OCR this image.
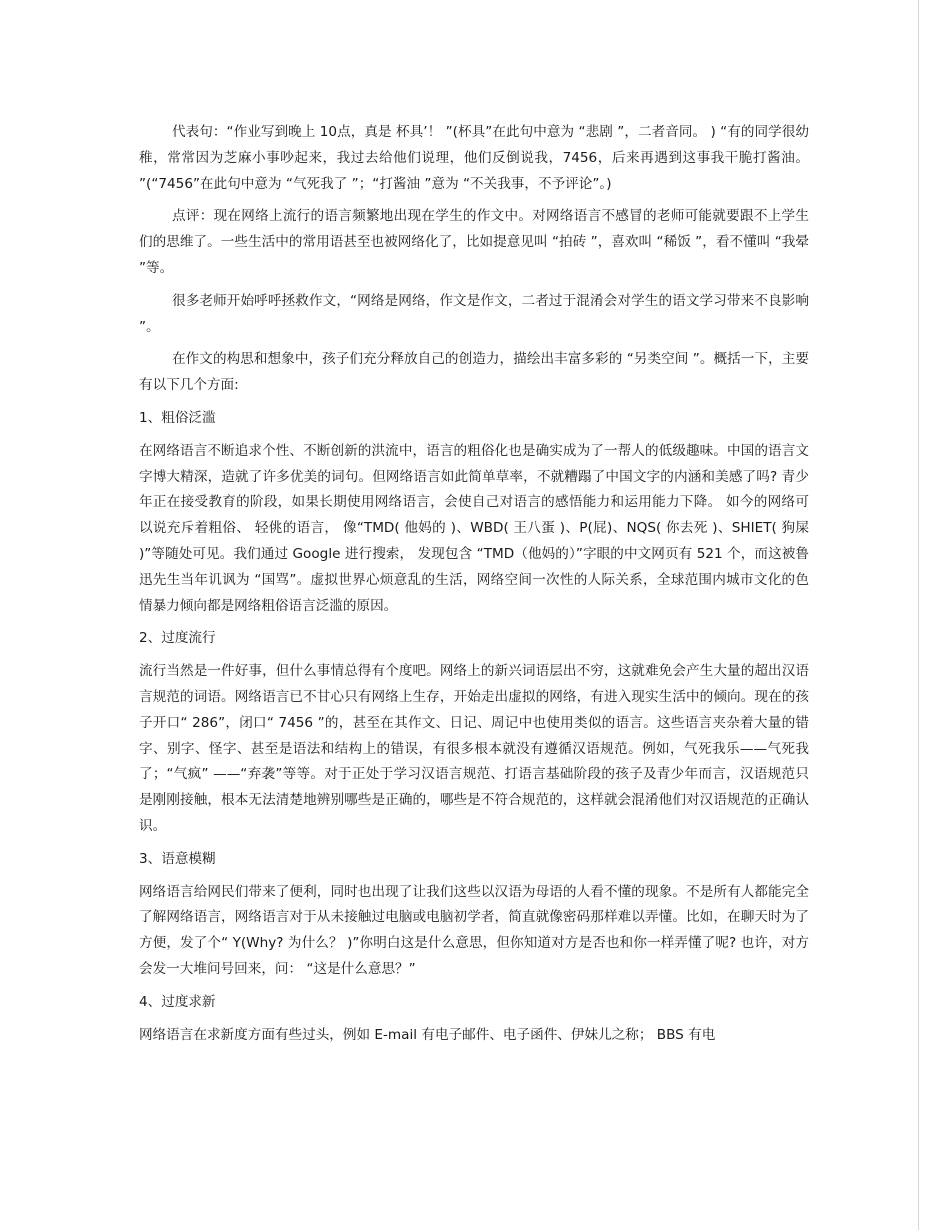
代表句：“作业写到晚上 10点，真是 杯具’！ ”(杯具”在此句中意为 “悲剧 ”，二者音同。 ) “有的同学很幼稚，常常因为芝麻小事吵起来，我过去给他们说理，他们反倒说我，7456，后来再遇到这事我干脆打酱油。 ”(“7456”在此句中意为 “气死我了 ”；“打酱油 ”意为 “不关我事，不予评论”。)

点评：现在网络上流行的语言频繁地出现在学生的作文中。对网络语言不感冒的老师可能就要跟不上学生们的思维了。一些生活中的常用语甚至也被网络化了，比如提意见叫 “拍砖 ”，喜欢叫 “稀饭 ”，看不懂叫 “我晕 ”等。

很多老师开始呼呼拯救作文，“网络是网络，作文是作文，二者过于混淆会对学生的语文学习带来不良影响 ”。

在作文的构思和想象中，孩子们充分释放自己的创造力，描绘出丰富多彩的 “另类空间 ”。概括一下，主要有以下几个方面:

1、粗俗泛滥

在网络语言不断追求个性、不断创新的洪流中，语言的粗俗化也是确实成为了一帮人的低级趣味。中国的语言文字博大精深，造就了许多优美的词句。但网络语言如此简单草率，不就糟蹋了中国文字的内涵和美感了吗? 青少年正在接受教育的阶段，如果长期使用网络语言，会使自己对语言的感悟能力和运用能力下降。 如今的网络可以说充斥着粗俗、 轻佻的语言， 像“TMD( 他妈的 )、WBD( 王八蛋 )、P(屁)、NQS( 你去死 )、SHIET( 狗屎 )”等随处可见。我们通过 Google 进行搜索， 发现包含 “TMD（他妈的）”字眼的中文网页有 521 个，而这被鲁迅先生当年讥讽为 “国骂”。虚拟世界心烦意乱的生活，网络空间一次性的人际关系，全球范围内城市文化的色情暴力倾向都是网络粗俗语言泛滥的原因。

2、过度流行

流行当然是一件好事，但什么事情总得有个度吧。网络上的新兴词语层出不穷，这就难免会产生大量的超出汉语言规范的词语。网络语言已不甘心只有网络上生存，开始走出虚拟的网络，有进入现实生活中的倾向。现在的孩子开口“ 286”，闭口“ 7456 ”的，甚至在其作文、日记、周记中也使用类似的语言。这些语言夹杂着大量的错字、别字、怪字、甚至是语法和结构上的错误，有很多根本就没有遵循汉语规范。例如，气死我乐——气死我了；“气疯” ——“弃袭”等等。对于正处于学习汉语言规范、打语言基础阶段的孩子及青少年而言，汉语规范只是刚刚接触，根本无法清楚地辨别哪些是正确的，哪些是不符合规范的，这样就会混淆他们对汉语规范的正确认识。

3、语意模糊

网络语言给网民们带来了便利，同时也出现了让我们这些以汉语为母语的人看不懂的现象。不是所有人都能完全了解网络语言，网络语言对于从未接触过电脑或电脑初学者，简直就像密码那样难以弄懂。比如，在聊天时为了方便，发了个“ Y(Why? 为什么？ )”你明白这是什么意思，但你知道对方是否也和你一样弄懂了呢? 也许，对方会发一大堆问号回来，问： “这是什么意思？”

4、过度求新

网络语言在求新度方面有些过头，例如 E-mail 有电子邮件、电子函件、伊妹儿之称； BBS 有电
